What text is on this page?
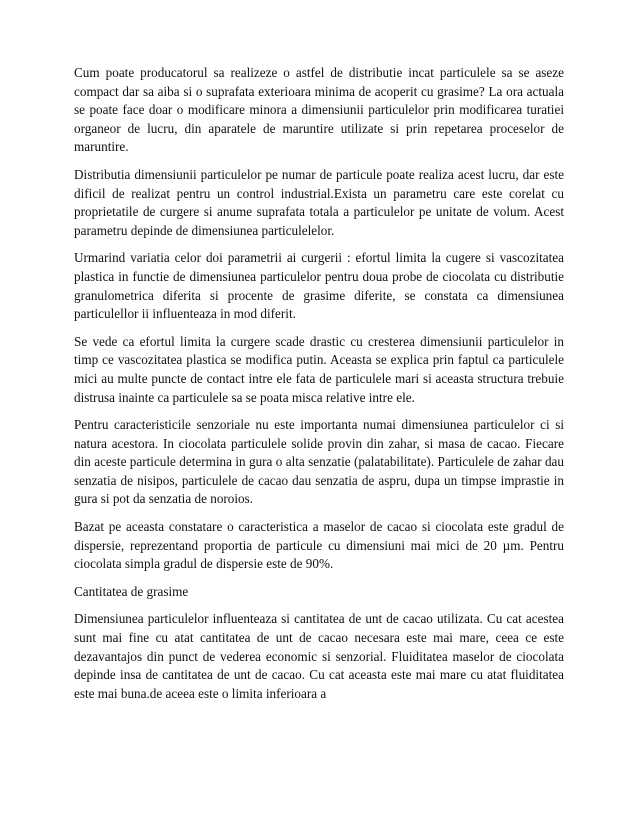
Cum poate producatorul sa realizeze o astfel de distributie incat particulele sa se aseze compact dar sa aiba si o suprafata exterioara minima de acoperit cu grasime? La ora actuala se poate face doar o modificare minora a dimensiunii particulelor prin modificarea turatiei organeor de lucru, din aparatele de maruntire utilizate si prin repetarea proceselor de maruntire.

Distributia dimensiunii particulelor pe numar de particule poate realiza acest lucru, dar este dificil de realizat pentru un control industrial.Exista un parametru care este corelat cu proprietatile de curgere si anume suprafata totala a particulelor pe unitate de volum. Acest parametru depinde de dimensiunea particulelelor.

Urmarind variatia celor doi parametrii ai curgerii : efortul limita la cugere si vascozitatea plastica in functie de dimensiunea particulelor pentru doua probe de ciocolata cu distributie granulometrica diferita si procente de grasime diferite, se constata ca dimensiunea particulellor ii influenteaza in mod diferit.

Se vede ca efortul limita la curgere scade drastic cu cresterea dimensiunii particulelor in timp ce vascozitatea plastica se modifica putin. Aceasta se explica prin faptul ca particulele mici au multe puncte de contact intre ele fata de particulele mari si aceasta structura trebuie distrusa inainte ca particulele sa se poata misca relative intre ele.

Pentru caracteristicile senzoriale nu este importanta numai dimensiunea particulelor ci si natura acestora. In ciocolata particulele solide provin din zahar, si masa de cacao. Fiecare din aceste particule determina in gura o alta senzatie (palatabilitate). Particulele de zahar dau senzatia de nisipos, particulele de cacao dau senzatia de aspru, dupa un timpse imprastie in gura si pot da senzatia de noroios.

Bazat pe aceasta constatare o caracteristica a maselor de cacao si ciocolata este gradul de dispersie, reprezentand proportia de particule cu dimensiuni mai mici de 20 µm. Pentru ciocolata simpla gradul de dispersie este de 90%.

Cantitatea de grasime

Dimensiunea particulelor influenteaza si cantitatea de unt de cacao utilizata. Cu cat acestea sunt mai fine cu atat cantitatea de unt de cacao necesara este mai mare, ceea ce este dezavantajos din punct de vedereа economic si senzorial. Fluiditatea maselor de ciocolata depinde insa de cantitatea de unt de cacao. Cu cat aceasta este mai mare cu atat fluiditatea este mai buna.de aceea este o limita inferioara a
